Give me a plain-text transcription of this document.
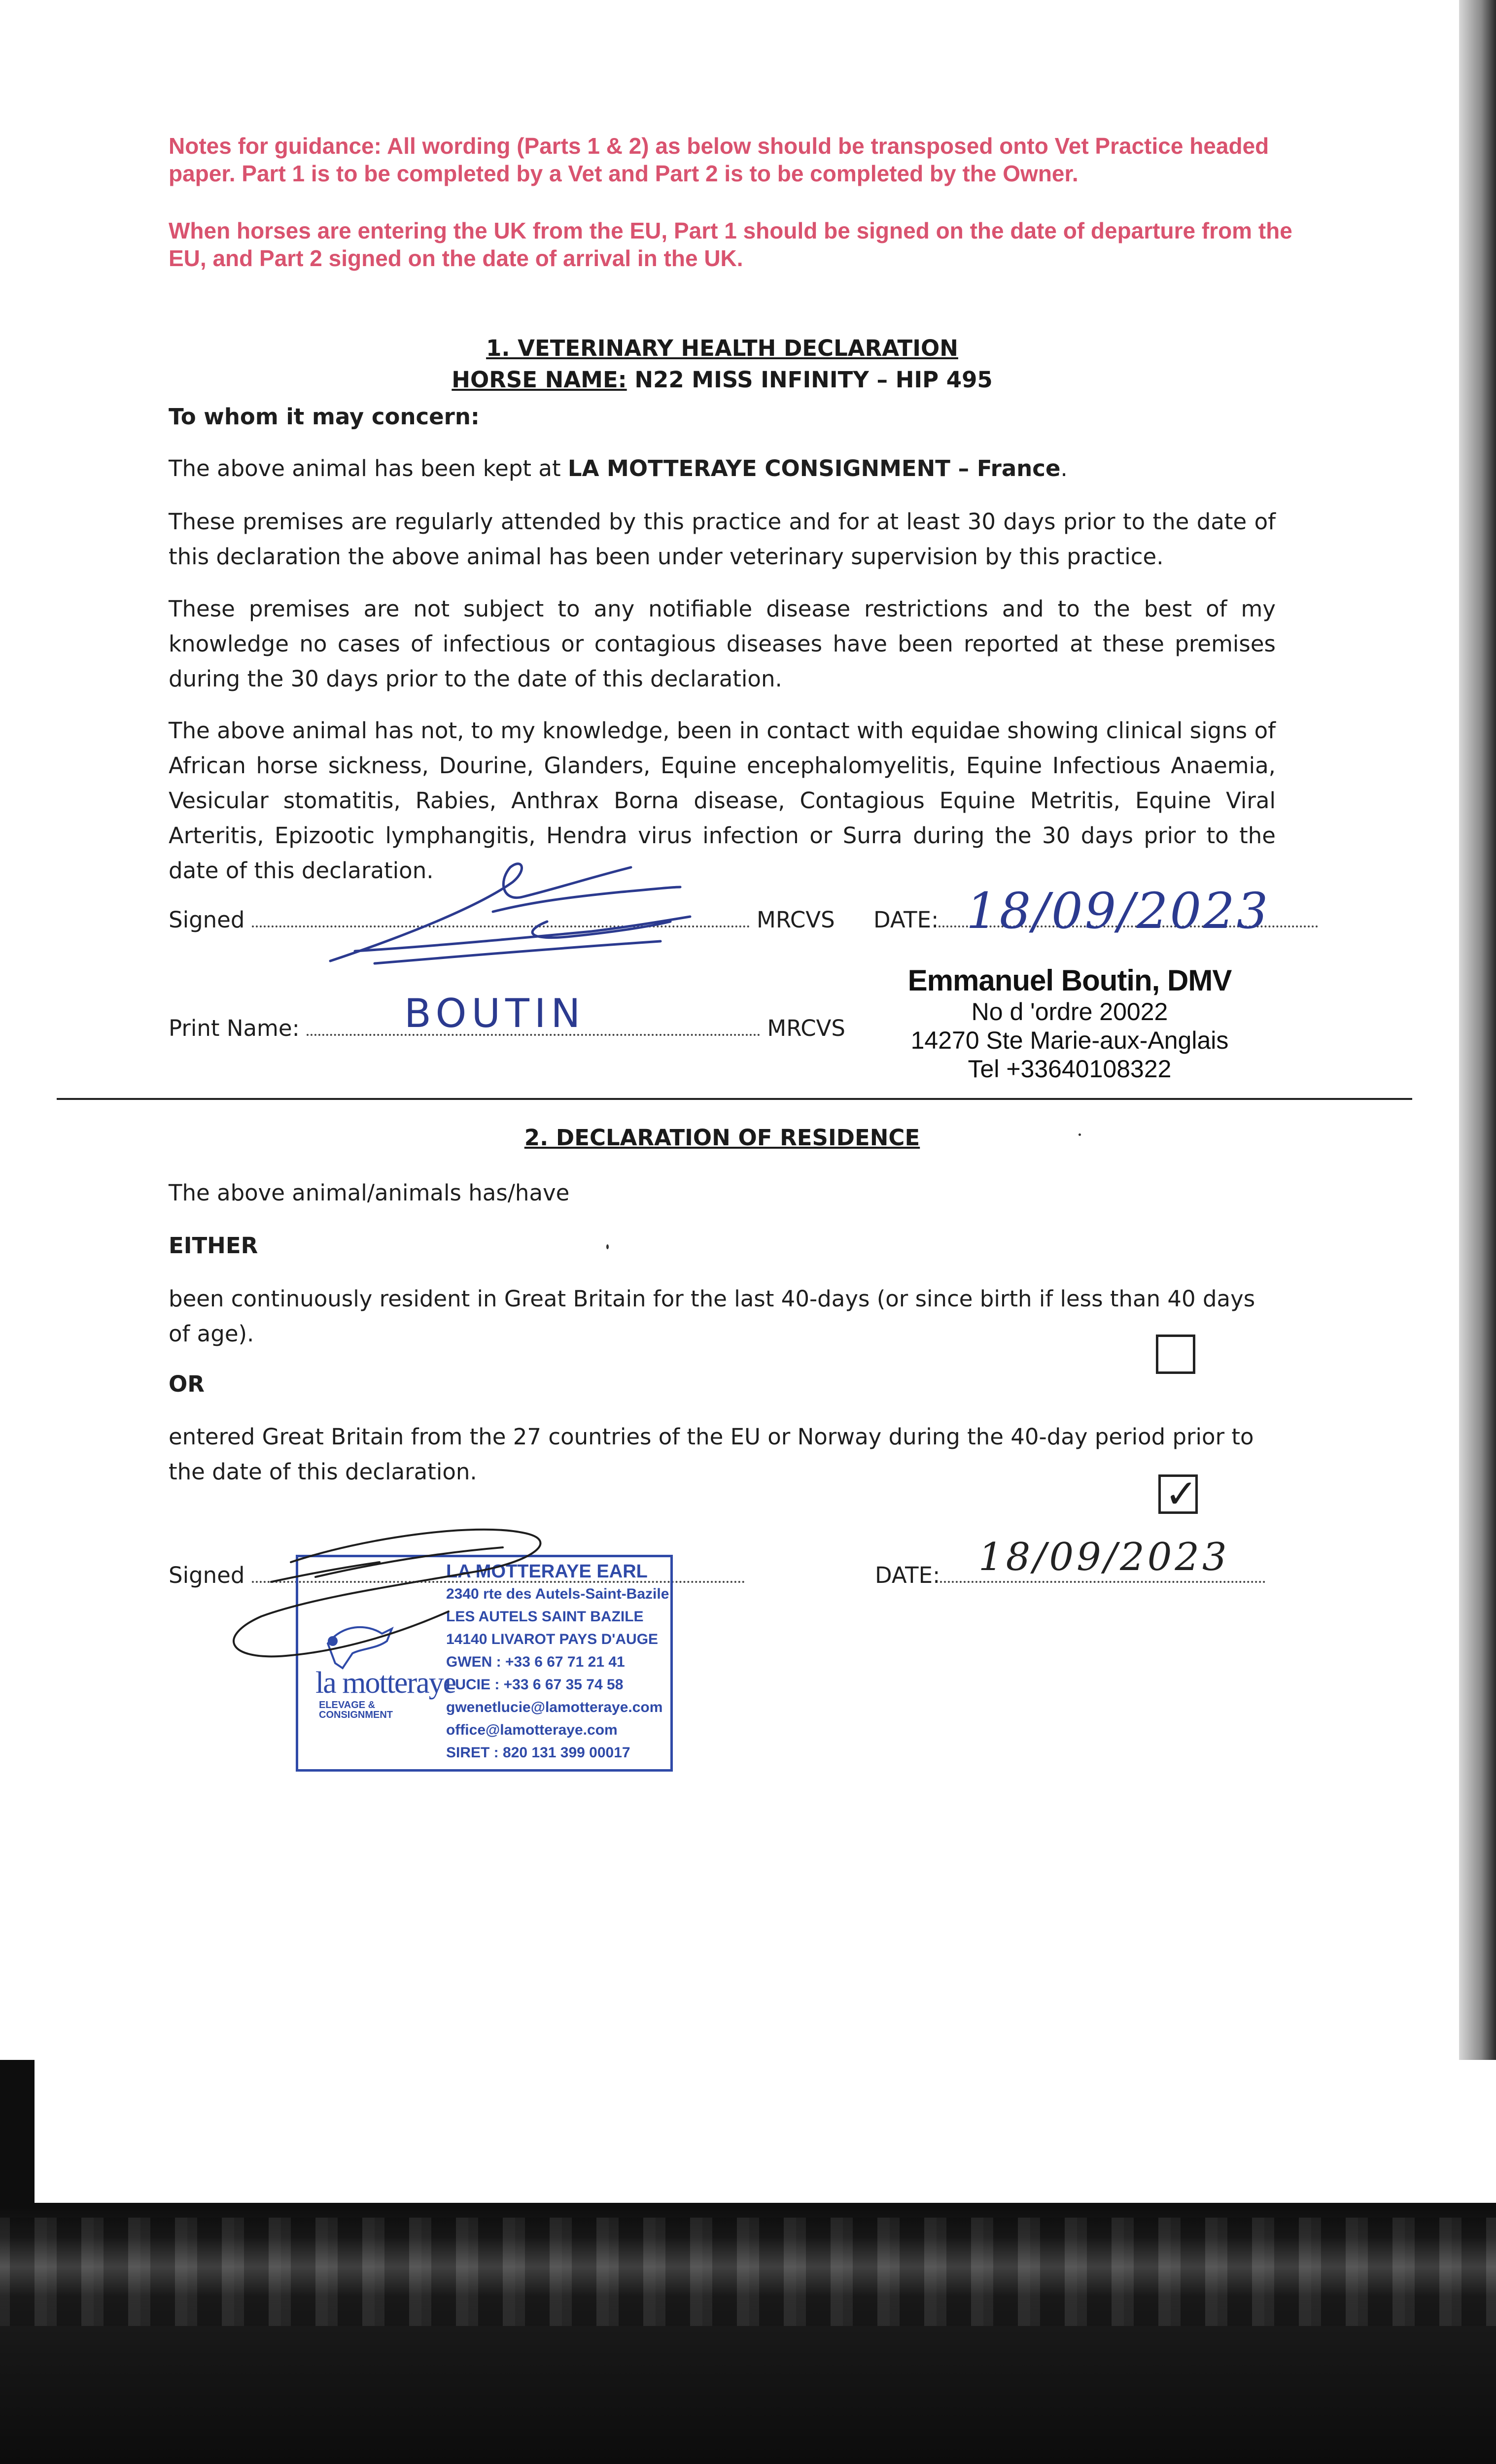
Notes for guidance: All wording (Parts 1 & 2) as below should be transposed onto Vet Practice headed paper. Part 1 is to be completed by a Vet and Part 2 is to be completed by the Owner.
When horses are entering the UK from the EU, Part 1 should be signed on the date of departure from the EU, and Part 2 signed on the date of arrival in the UK.
1. VETERINARY HEALTH DECLARATION
HORSE NAME: N22 MISS INFINITY – HIP 495
To whom it may concern:
The above animal has been kept at LA MOTTERAYE CONSIGNMENT – France.
These premises are regularly attended by this practice and for at least 30 days prior to the date of this declaration the above animal has been under veterinary supervision by this practice.
These premises are not subject to any notifiable disease restrictions and to the best of my knowledge no cases of infectious or contagious diseases have been reported at these premises during the 30 days prior to the date of this declaration.
The above animal has not, to my knowledge, been in contact with equidae showing clinical signs of African horse sickness, Dourine, Glanders, Equine encephalomyelitis, Equine Infectious Anaemia, Vesicular stomatitis, Rabies, Anthrax Borna disease, Contagious Equine Metritis, Equine Viral Arteritis, Epizootic lymphangitis, Hendra virus infection or Surra during the 30 days prior to the date of this declaration.
Signed	MRCVS DATE: 18/09/2023
Print Name:	MRCVS
BOUTIN
Emmanuel Boutin, DMV
No d 'ordre 20022
14270 Ste Marie-aux-Anglais
Tel +33640108322
2. DECLARATION OF RESIDENCE
The above animal/animals has/have
EITHER
been continuously resident in Great Britain for the last 40-days (or since birth if less than 40 days of age).
OR
entered Great Britain from the 27 countries of the EU or Norway during the 40-day period prior to the date of this declaration.	✓
Signed	DATE: 18/09/2023
la motteraye
ELEVAGE & CONSIGNMENT
LA MOTTERAYE EARL
2340 rte des Autels-Saint-Bazile
LES AUTELS SAINT BAZILE
14140 LIVAROT PAYS D'AUGE
GWEN : +33 6 67 71 21 41
LUCIE : +33 6 67 35 74 58
gwenetlucie@lamotteraye.com
office@lamotteraye.com
SIRET : 820 131 399 00017
